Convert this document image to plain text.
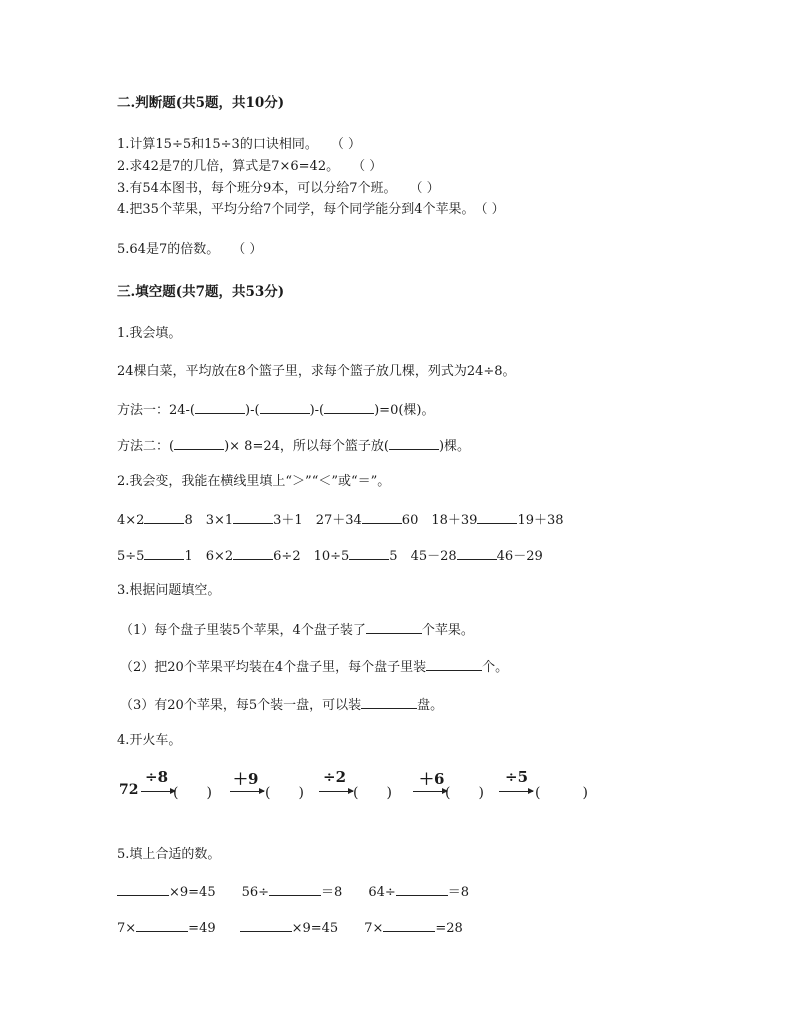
二.判断题(共5题，共10分)
1.计算15÷5和15÷3的口诀相同。　　（ ）
2.求42是7的几倍，算式是7×6=42。　　（ ）
3.有54本图书，每个班分9本，可以分给7个班。　　（ ）
4.把35个苹果，平均分给7个同学，每个同学能分到4个苹果。　（ ）
5.64是7的倍数。　　（ ）
三.填空题(共7题，共53分)
1.我会填。
24棵白菜，平均放在8个篮子里，求每个篮子放几棵，列式为24÷8。
方法一：24-(	)-(	)-(	)=0(棵)。
方法二：(	)× 8=24，所以每个篮子放(	)棵。
2.我会变，我能在横线里填上“＞”“＜”或“＝”。
4×2	8　3×1	3＋1　27＋34	60　18＋39	19＋38
5÷5	1　6×2	6÷2　10÷5	5　45－28	46－29
3.根据问题填空。
（1）每个盘子里装5个苹果，4个盘子装了	个苹果。
（2）把20个苹果平均装在4个盘子里，每个盘子里装	个。
（3）有20个苹果，每5个装一盘，可以装	盘。
4.开火车。
72
÷8
(　　)
＋9
(　　)
÷2
(　　)
＋6
(　　)
÷5
(　　　)
5.填上合适的数。
×9=45　　56÷	＝8　　64÷	＝8
7×	=49	×9=45　　7×	=28
